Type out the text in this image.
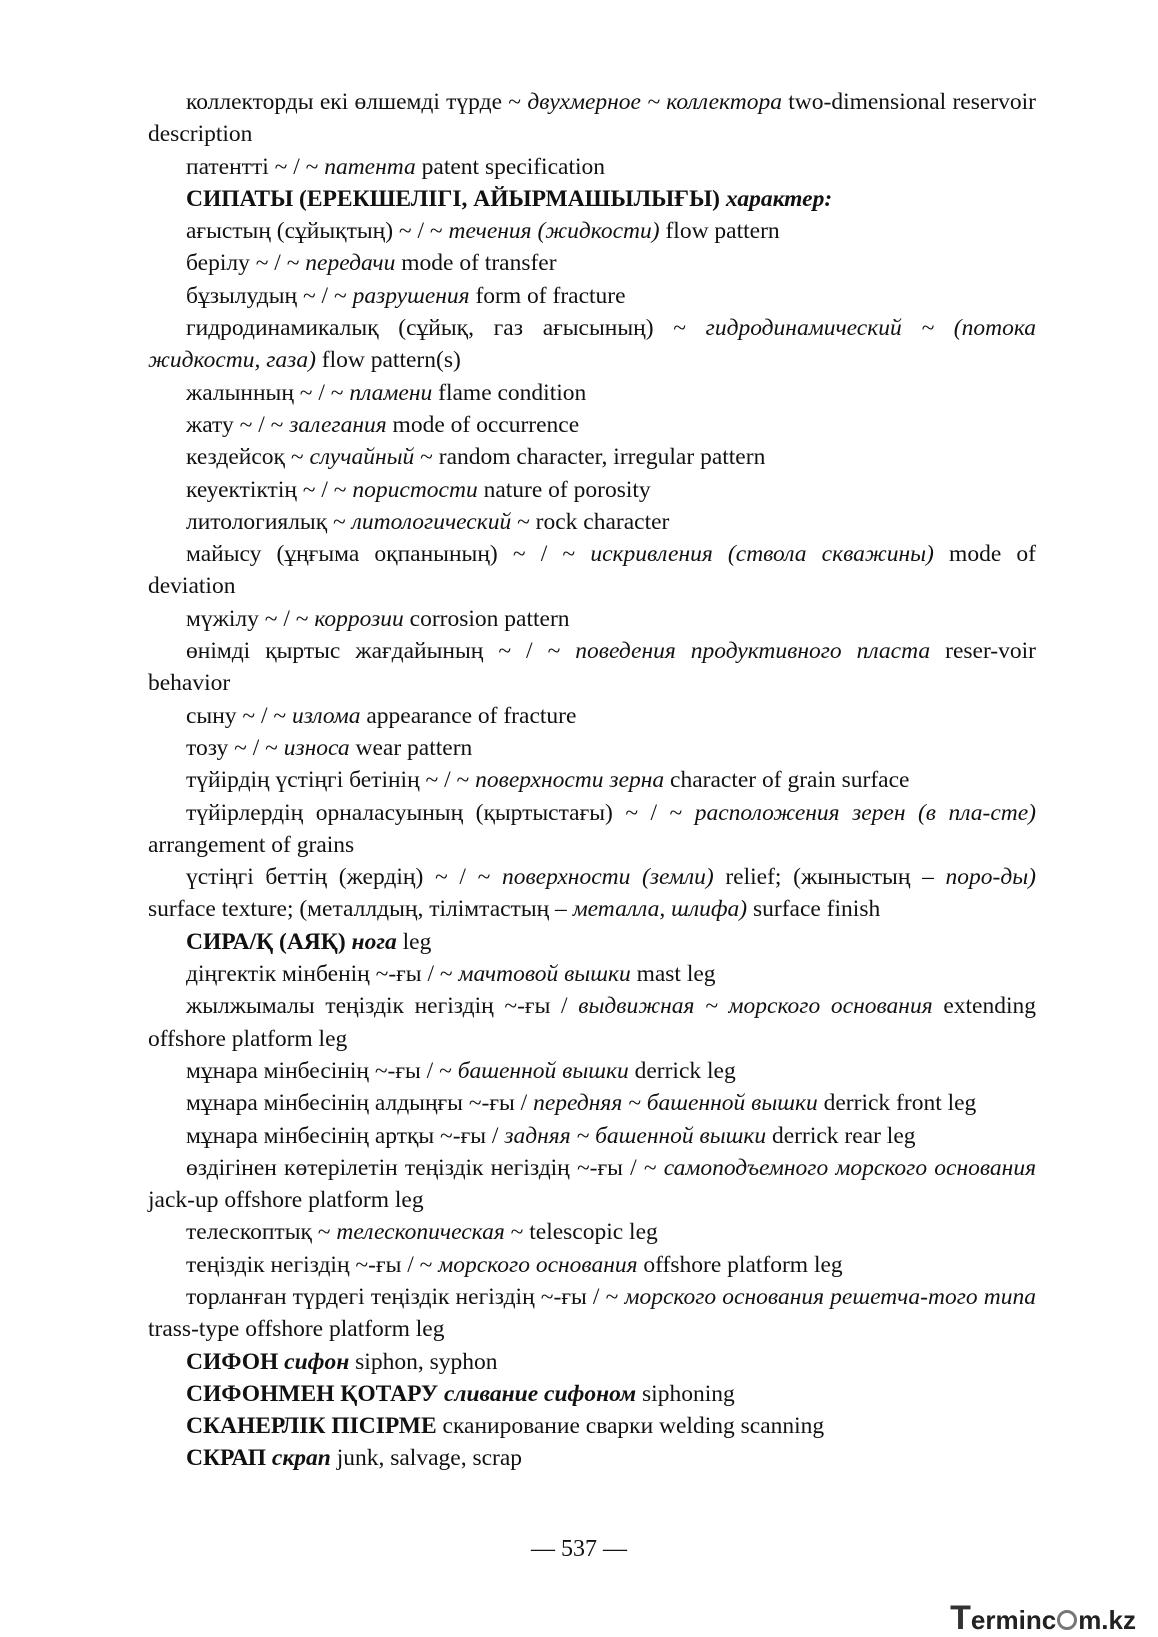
коллекторды екі өлшемді түрде ~ двухмерное ~ коллектора two-dimensional reservoir description

патентті ~ / ~ патента patent specification

СИПАТЫ (ЕРЕКШЕЛІГІ, АЙЫРМАШЫЛЫҒЫ) характер:

ағыстың (сұйықтың) ~ / ~ течения (жидкости) flow pattern

берілу ~ / ~ передачи mode of transfer

бұзылудың ~ / ~ разрушения form of fracture

гидродинамикалық (сұйық, газ ағысының) ~ гидродинамический ~ (потока жидкости, газа) flow pattern(s)

жалынның ~ / ~ пламени flame condition

жату ~ / ~ залегания mode of occurrence

кездейсоқ ~ случайный ~ random character, irregular pattern

кеуектіктің ~ / ~ пористости nature of porosity

литологиялық ~ литологический ~ rock character

майысу (ұңғыма оқпанының) ~ / ~ искривления (ствола скважины) mode of deviation

мүжілу ~ / ~ коррозии corrosion pattern

өнімді қыртыс жағдайының ~ / ~ поведения продуктивного пласта reser-voir behavior

сыну ~ / ~ излома appearance of fracture

тозу ~ / ~ износа wear pattern

түйірдің үстіңгі бетінің ~ / ~ поверхности зерна character of grain surface

түйірлердің орналасуының (қыртыстағы) ~ / ~ расположения зерен (в пла-сте) arrangement of grains

үстіңгі беттің (жердің) ~ / ~ поверхности (земли) relief; (жыныстың – поро-ды) surface texture; (металлдың, тілімтастың – металла, шлифа) surface finish

СИРА/Қ (АЯҚ) нога leg

діңгектік мінбенің ~-ғы / ~ мачтовой вышки mast leg

жылжымалы теңіздік негіздің ~-ғы / выдвижная ~ морского основания extending offshore platform leg

мұнара мінбесінің ~-ғы / ~ башенной вышки derrick leg

мұнара мінбесінің алдыңғы ~-ғы / передняя ~ башенной вышки derrick front leg

мұнара мінбесінің артқы ~-ғы / задняя ~ башенной вышки derrick rear leg

өздігінен көтерілетін теңіздік негіздің ~-ғы / ~ самоподъемного морского основания jack-up offshore platform leg

телескоптық ~ телескопическая ~ telescopic leg

теңіздік негіздің ~-ғы / ~ морского основания offshore platform leg

торланған түрдегі теңіздік негіздің ~-ғы / ~ морского основания решетча-того типа trass-type offshore platform leg

СИФОН сифон siphon, syphon

СИФОНМЕН ҚОТАРУ сливание сифоном siphoning

СКАНЕРЛІК ПІСІРМЕ сканирование сварки welding scanning

СКРАП скрап junk, salvage, scrap

— 537 —
Terminc m.kz
